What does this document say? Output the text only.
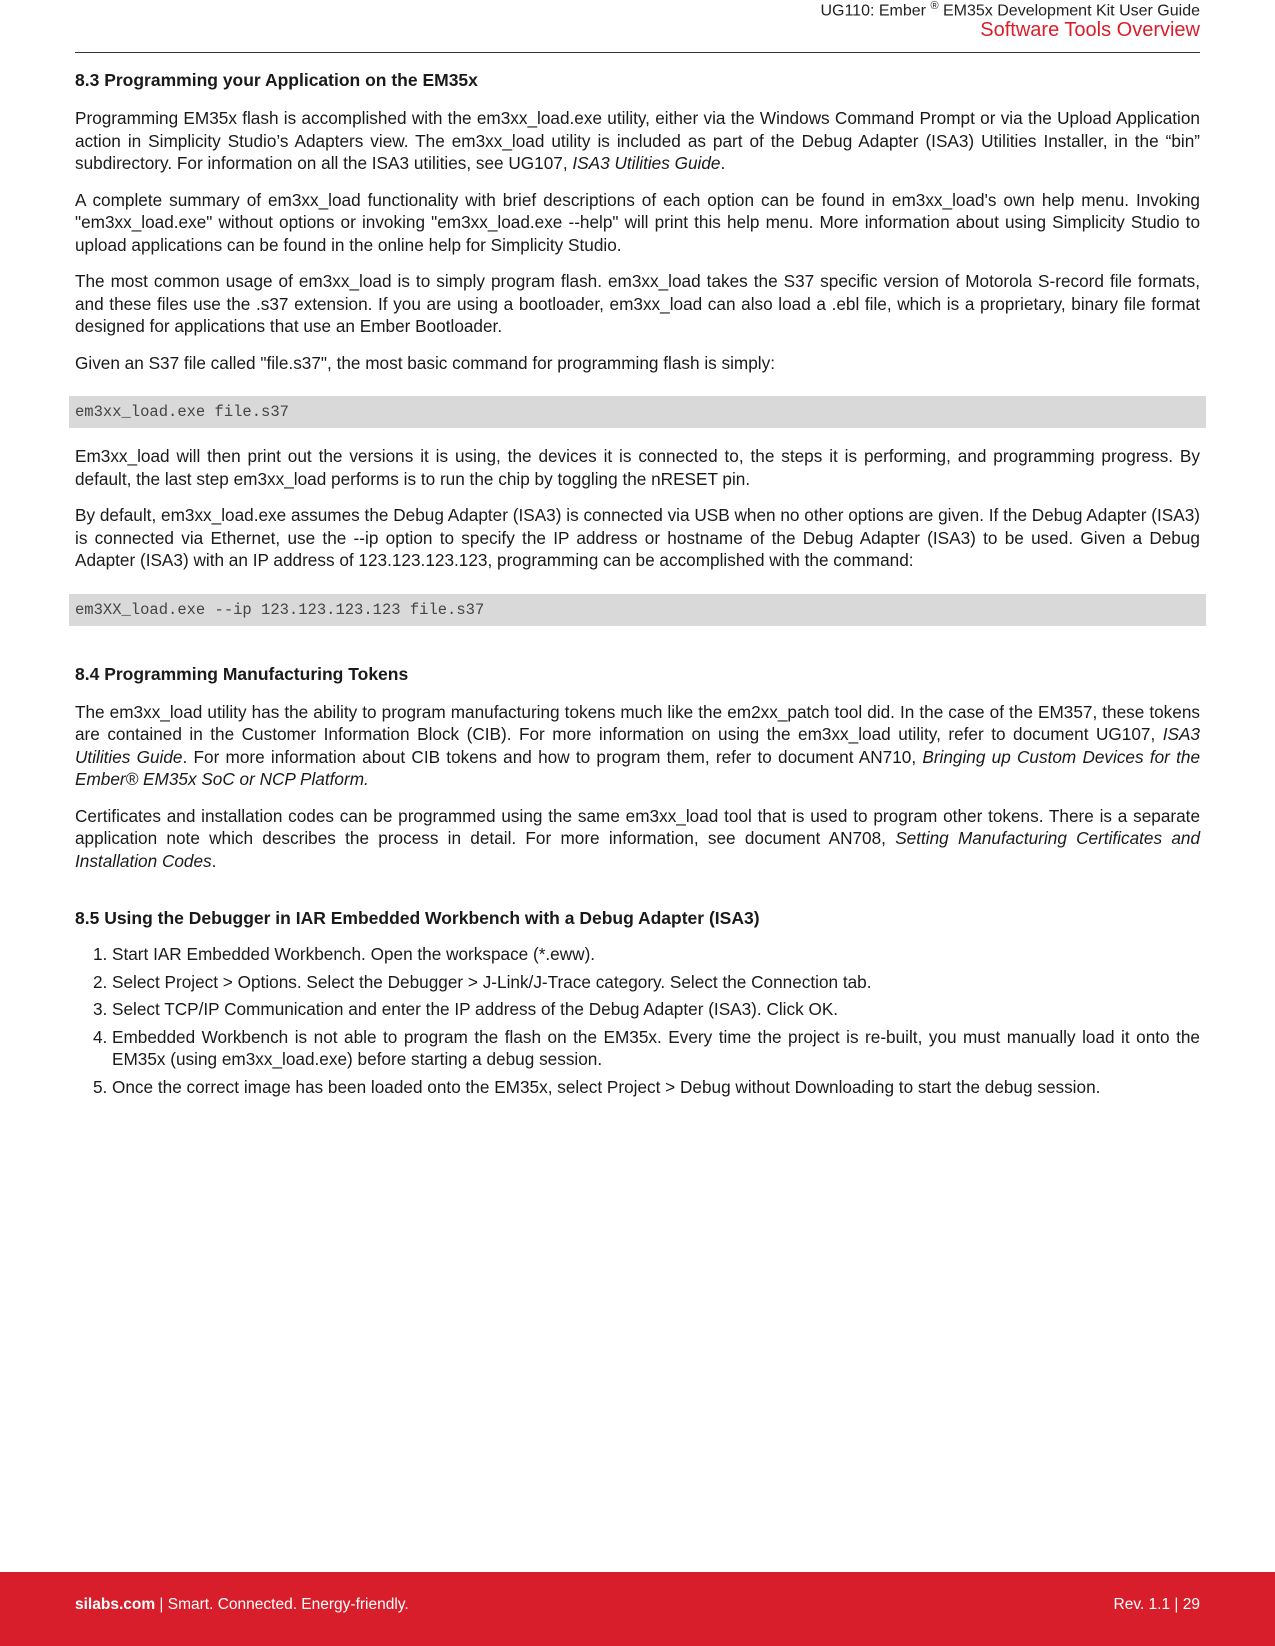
UG110: Ember ® EM35x Development Kit User Guide
Software Tools Overview
8.3 Programming your Application on the EM35x

Programming EM35x flash is accomplished with the em3xx_load.exe utility, either via the Windows Command Prompt or via the Upload Application action in Simplicity Studio’s Adapters view. The em3xx_load utility is included as part of the Debug Adapter (ISA3) Utilities Installer, in the “bin” subdirectory. For information on all the ISA3 utilities, see UG107, ISA3 Utilities Guide.

A complete summary of em3xx_load functionality with brief descriptions of each option can be found in em3xx_load's own help menu. Invoking "em3xx_load.exe" without options or invoking "em3xx_load.exe --help" will print this help menu. More information about using Simplicity Studio to upload applications can be found in the online help for Simplicity Studio.

The most common usage of em3xx_load is to simply program flash. em3xx_load takes the S37 specific version of Motorola S-record file formats, and these files use the .s37 extension. If you are using a bootloader, em3xx_load can also load a .ebl file, which is a proprietary, binary file format designed for applications that use an Ember Bootloader.

Given an S37 file called "file.s37", the most basic command for programming flash is simply:

em3xx_load.exe file.s37

Em3xx_load will then print out the versions it is using, the devices it is connected to, the steps it is performing, and programming progress. By default, the last step em3xx_load performs is to run the chip by toggling the nRESET pin.

By default, em3xx_load.exe assumes the Debug Adapter (ISA3) is connected via USB when no other options are given. If the Debug Adapter (ISA3) is connected via Ethernet, use the --ip option to specify the IP address or hostname of the Debug Adapter (ISA3) to be used. Given a Debug Adapter (ISA3) with an IP address of 123.123.123.123, programming can be accomplished with the command:

em3XX_load.exe --ip 123.123.123.123 file.s37
8.4 Programming Manufacturing Tokens

The em3xx_load utility has the ability to program manufacturing tokens much like the em2xx_patch tool did. In the case of the EM357, these tokens are contained in the Customer Information Block (CIB). For more information on using the em3xx_load utility, refer to document UG107, ISA3 Utilities Guide. For more information about CIB tokens and how to program them, refer to document AN710, Bringing up Custom Devices for the Ember® EM35x SoC or NCP Platform.

Certificates and installation codes can be programmed using the same em3xx_load tool that is used to program other tokens. There is a separate application note which describes the process in detail. For more information, see document AN708, Setting Manufacturing Certificates and Installation Codes.

8.5 Using the Debugger in IAR Embedded Workbench with a Debug Adapter (ISA3)
1. Start IAR Embedded Workbench. Open the workspace (*.eww).
2. Select Project > Options. Select the Debugger > J-Link/J-Trace category. Select the Connection tab.
3. Select TCP/IP Communication and enter the IP address of the Debug Adapter (ISA3). Click OK.
4. Embedded Workbench is not able to program the flash on the EM35x. Every time the project is re-built, you must manually load it onto the EM35x (using em3xx_load.exe) before starting a debug session.
5. Once the correct image has been loaded onto the EM35x, select Project > Debug without Downloading to start the debug session.
silabs.com | Smart. Connected. Energy-friendly.	Rev. 1.1 | 29
